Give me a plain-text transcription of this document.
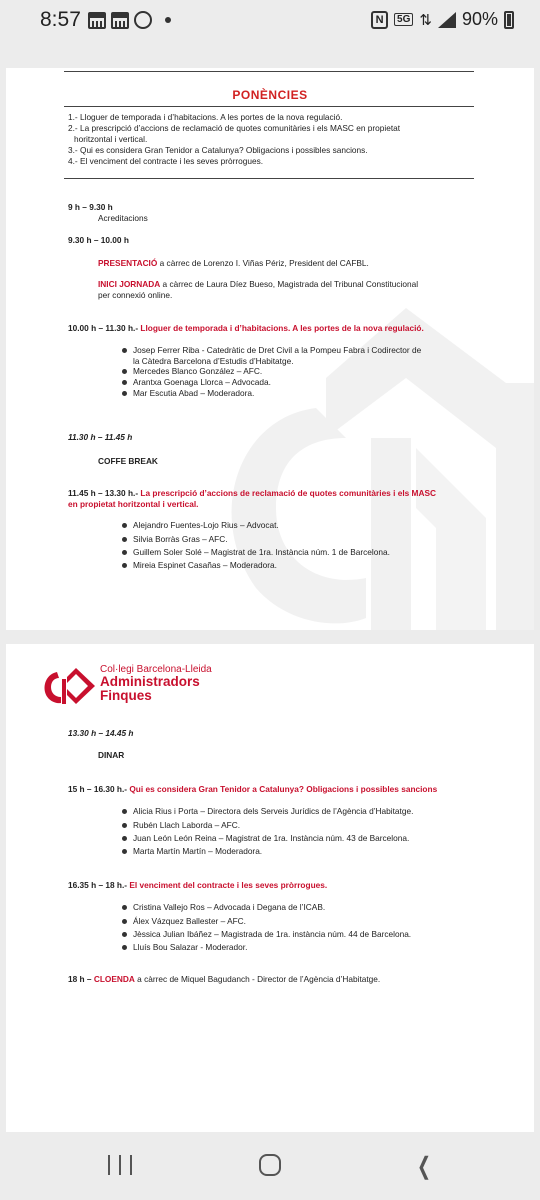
8:57	N	5G ⇅ 90%
PONÈNCIES
1.- Lloguer de temporada i d’habitacions. A les portes de la nova regulació.
2.- La prescripció d’accions de reclamació de quotes comunitàries i els MASC en propietat
horitzontal i vertical.
3.- Qui es considera Gran Tenidor a Catalunya? Obligacions i possibles sancions.
4.- El venciment del contracte i les seves pròrrogues.
9 h – 9.30 h
Acreditacions
9.30 h – 10.00 h
PRESENTACIÓ a càrrec de Lorenzo I. Viñas Périz, President del CAFBL.
INICI JORNADA a càrrec de Laura Díez Bueso, Magistrada del Tribunal Constitucional
per connexió online.
10.00 h – 11.30 h.- Lloguer de temporada i d’habitacions. A les portes de la nova regulació.
Josep Ferrer Riba - Catedràtic de Dret Civil a la Pompeu Fabra i Codirector de
la Càtedra Barcelona d’Estudis d’Habitatge.
Mercedes Blanco González – AFC.
Arantxa Goenaga Llorca – Advocada.
Mar Escutia Abad – Moderadora.
11.30 h – 11.45 h
COFFE BREAK
11.45 h – 13.30 h.- La prescripció d’accions de reclamació de quotes comunitàries i els MASC
en propietat horitzontal i vertical.
Alejandro Fuentes-Lojo Rius – Advocat.
Silvia Borràs Gras – AFC.
Guillem Soler Solé – Magistrat de 1ra. Instància núm. 1 de Barcelona.
Mireia Espinet Casañas – Moderadora.
Col·legi Barcelona-Lleida
Administradors
Finques
13.30 h – 14.45 h
DINAR
15 h – 16.30 h.- Qui es considera Gran Tenidor a Catalunya? Obligacions i possibles sancions
Alicia Rius i Porta – Directora dels Serveis Jurídics de l’Agència d’Habitatge.
Rubén Llach Laborda – AFC.
Juan León León Reina – Magistrat de 1ra. Instància núm. 43 de Barcelona.
Marta Martín Martín – Moderadora.
16.35 h – 18 h.- El venciment del contracte i les seves pròrrogues.
Cristina Vallejo Ros – Advocada i Degana de l’ICAB.
Álex Vázquez Ballester – AFC.
Jèssica Julian Ibáñez – Magistrada de 1ra. instància núm. 44 de Barcelona.
Lluís Bou Salazar - Moderador.
18 h – CLOENDA a càrrec de Miquel Bagudanch - Director de l’Agència d’Habitatge.
❮
